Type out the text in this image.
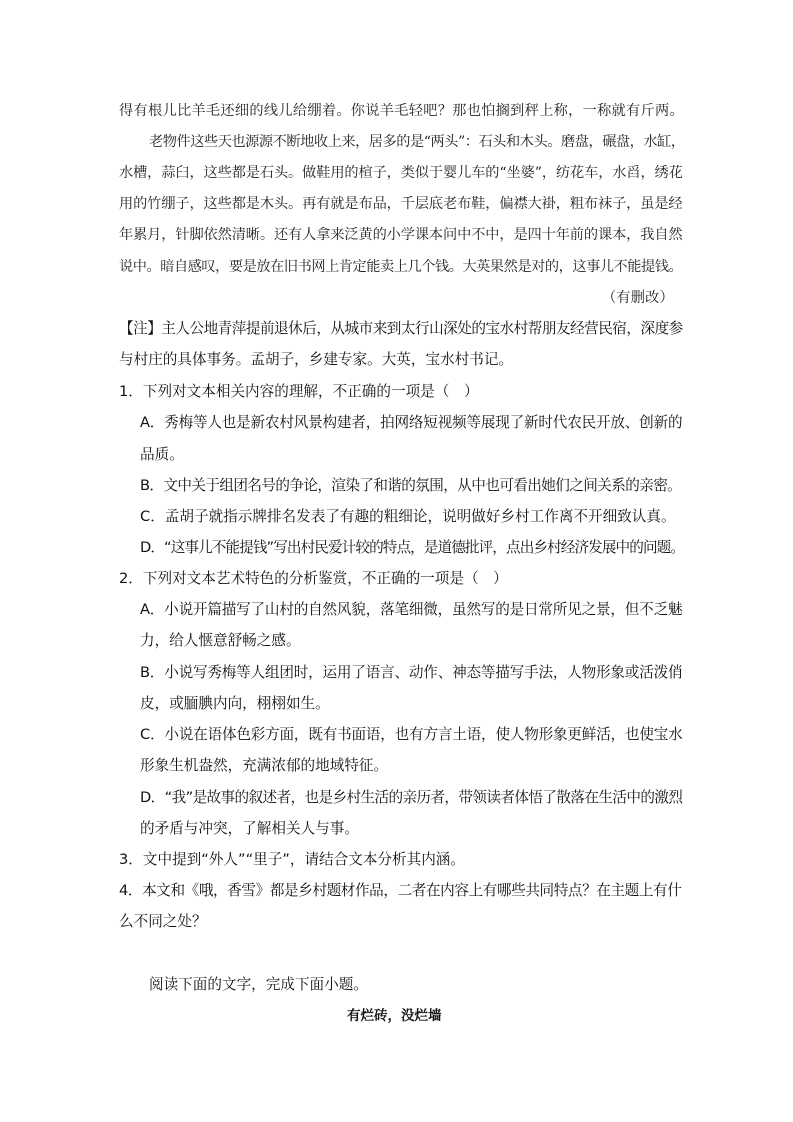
得有根儿比羊毛还细的线儿给绷着。你说羊毛轻吧？那也怕搁到秤上称，一称就有斤两。
老物件这些天也源源不断地收上来，居多的是“两头”：石头和木头。磨盘，碾盘，水缸，
水槽，蒜臼，这些都是石头。做鞋用的楦子，类似于婴儿车的“坐婆”，纺花车，水舀，绣花
用的竹绷子，这些都是木头。再有就是布品，千层底老布鞋，偏襟大褂，粗布袜子，虽是经
年累月，针脚依然清晰。还有人拿来泛黄的小学课本问中不中，是四十年前的课本，我自然
说中。暗自感叹，要是放在旧书网上肯定能卖上几个钱。大英果然是对的，这事儿不能提钱。
（有删改）
【注】主人公地青萍提前退休后，从城市来到太行山深处的宝水村帮朋友经营民宿，深度参
与村庄的具体事务。孟胡子，乡建专家。大英，宝水村书记。
1．下列对文本相关内容的理解，不正确的一项是（　）
A．秀梅等人也是新农村风景构建者，拍网络短视频等展现了新时代农民开放、创新的
品质。
B．文中关于组团名号的争论，渲染了和谐的氛围，从中也可看出她们之间关系的亲密。
C．孟胡子就指示牌排名发表了有趣的粗细论，说明做好乡村工作离不开细致认真。
D．“这事儿不能提钱”写出村民爱计较的特点，是道德批评，点出乡村经济发展中的问题。
2．下列对文本艺术特色的分析鉴赏，不正确的一项是（　）
A．小说开篇描写了山村的自然风貌，落笔细微，虽然写的是日常所见之景，但不乏魅
力，给人惬意舒畅之感。
B．小说写秀梅等人组团时，运用了语言、动作、神态等描写手法，人物形象或活泼俏
皮，或腼腆内向，栩栩如生。
C．小说在语体色彩方面，既有书面语，也有方言土语，使人物形象更鲜活，也使宝水
形象生机盎然，充满浓郁的地域特征。
D．“我”是故事的叙述者，也是乡村生活的亲历者，带领读者体悟了散落在生活中的激烈
的矛盾与冲突，了解相关人与事。
3．文中提到“外人”“里子”，请结合文本分析其内涵。
4．本文和《哦，香雪》都是乡村题材作品，二者在内容上有哪些共同特点？在主题上有什
么不同之处？
阅读下面的文字，完成下面小题。
有烂砖，没烂墙
